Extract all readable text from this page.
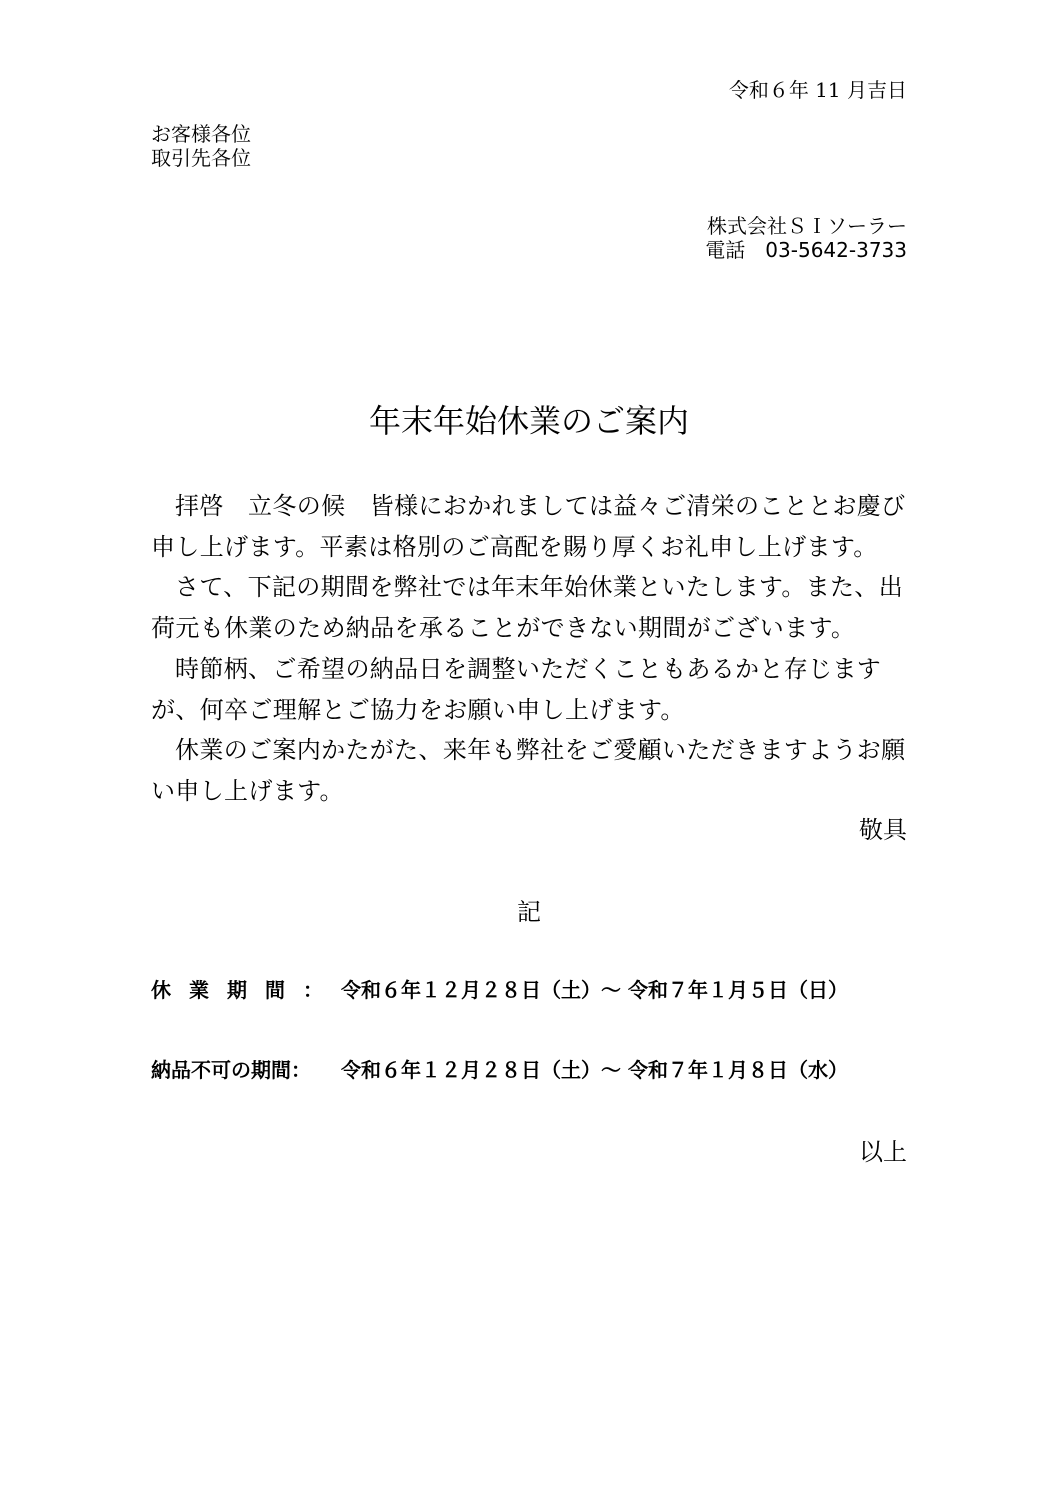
令和６年 11 月吉日
お客様各位
取引先各位
株式会社ＳＩソーラー
電話　03-5642-3733
年末年始休業のご案内

拝啓　立冬の候　皆様におかれましては益々ご清栄のこととお慶び申し上げます。平素は格別のご高配を賜り厚くお礼申し上げます。

さて、下記の期間を弊社では年末年始休業といたします。また、出荷元も休業のため納品を承ることができない期間がございます。

時節柄、ご希望の納品日を調整いただくこともあるかと存じますが、何卒ご理解とご協力をお願い申し上げます。

休業のご案内かたがた、来年も弊社をご愛顧いただきますようお願い申し上げます。

敬具
記
休業期間：令和６年１２月２８日（土）～ 令和７年１月５日（日）
納品不可の期間： 令和６年１２月２８日（土）～ 令和７年１月８日（水）
以上
